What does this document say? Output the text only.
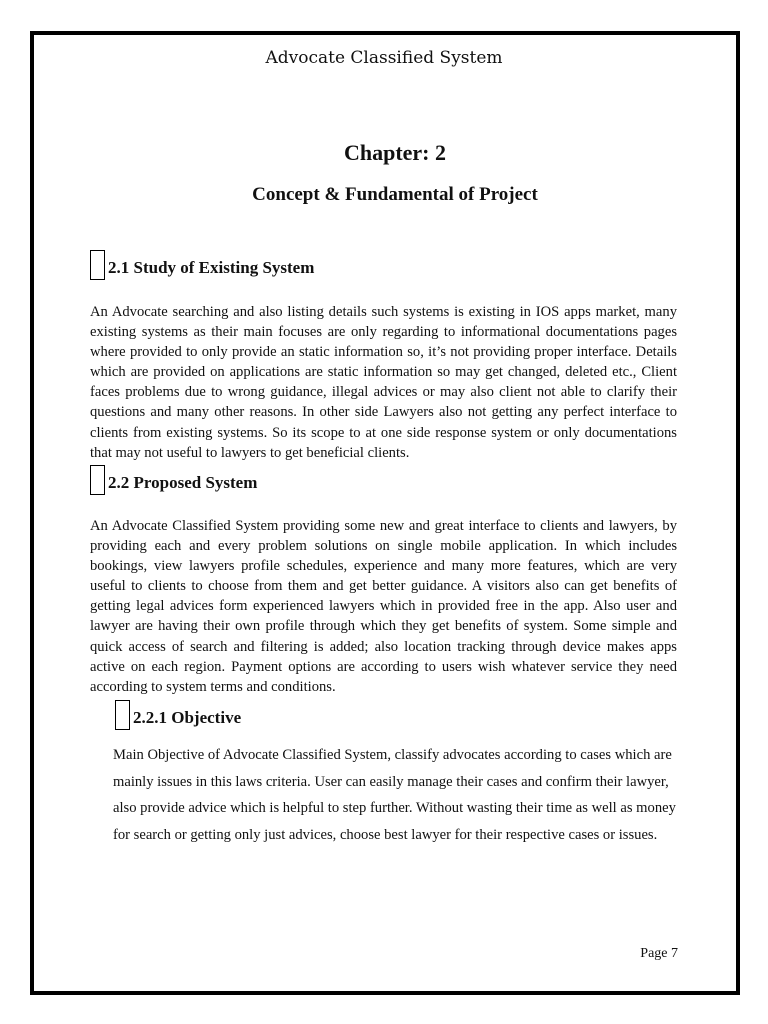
Advocate Classified System
Chapter: 2
Concept & Fundamental of Project
2.1 Study of Existing System

An Advocate searching and also listing details such systems is existing in IOS apps market, many existing systems as their main focuses are only regarding to informational documentations pages where provided to only provide an static information so, it’s not providing proper interface. Details which are provided on applications are static information so may get changed, deleted etc., Client faces problems due to wrong guidance, illegal advices or may also client not able to clarify their questions and many other reasons. In other side Lawyers also not getting any perfect interface to clients from existing systems. So its scope to at one side response system or only documentations that may not useful to lawyers to get beneficial clients.

2.2 Proposed System

An Advocate Classified System providing some new and great interface to clients and lawyers, by providing each and every problem solutions on single mobile application. In which includes bookings, view lawyers profile schedules, experience and many more features, which are very useful to clients to choose from them and get better guidance. A visitors also can get benefits of getting legal advices form experienced lawyers which in provided free in the app. Also user and lawyer are having their own profile through which they get benefits of system. Some simple and quick access of search and filtering is added; also location tracking through device makes apps active on each region. Payment options are according to users wish whatever service they need according to system terms and conditions.

2.2.1 Objective

Main Objective of Advocate Classified System, classify advocates according to cases which are mainly issues in this laws criteria. User can easily manage their cases and confirm their lawyer, also provide advice which is helpful to step further. Without wasting their time as well as money for search or getting only just advices, choose best lawyer for their respective cases or issues.

Page 7
